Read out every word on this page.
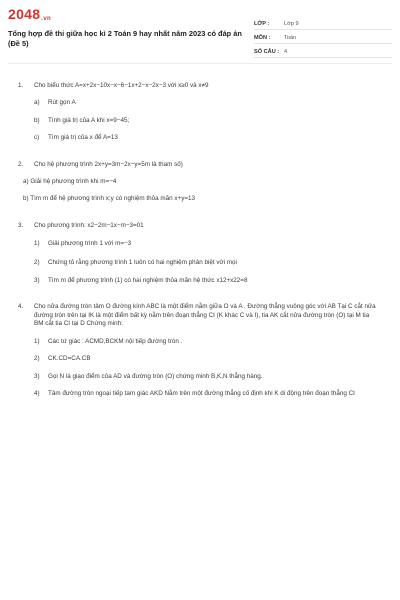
2048.vn
Tổng hợp đề thi giữa học kì 2 Toán 9 hay nhất năm 2023 có đáp án (Đề 5)
LỚP :	Lớp 9
MÔN :	Toán
SỐ CÂU : 4
1.	Cho biểu thức A=x+2x−10x−x−6−1x+2−x−2x−3 với x≥0 và x≠9
a)	Rút gọn A
b)	Tính giá trị của A khi x=9−45;
c)	Tìm giá trị của x để A=13
2.	Cho hệ phương trình 2x+y=3m−2x−y=5m là tham số)
a) Giải hệ phương trình khi m=−4
b) Tìm m để hệ phương trình x;y có nghiệm thỏa mãn x+y=13
3.	Cho phương trình: x2−2m−1x−m−3=01
1)	Giải phương trình 1 với m=−3
2)	Chứng tỏ rằng phương trình 1 luôn có hai nghiệm phân biệt với mọi
3)	Tìm m để phương trình (1) có hai nghiệm thỏa mãn hệ thức x12+x22=8
4.	Cho nửa đường tròn tâm O đường kính ABC là một điểm nằm giữa O và A . Đường thẳng vuông góc với AB Tại C cắt nửa đường tròn trên tại IK là một điểm bất kỳ nằm trên đoạn thẳng CI (K khác C và I), tia AK cắt nửa đường tròn (O) tại M tia BM cắt tia CI tại D Chứng minh:
1)	Các tứ giác : ACMD,BCKM nội tiếp đường tròn .
2)	CK.CD=CA.CB
3)	Gọi N là giao điểm của AD và đường tròn (O) chứng minh B,K,N thẳng hàng.
4)	Tâm đường tròn ngoại tiếp tam giác AKD Nằm trên một đường thẳng cố định khi K di động trên đoạn thẳng CI
